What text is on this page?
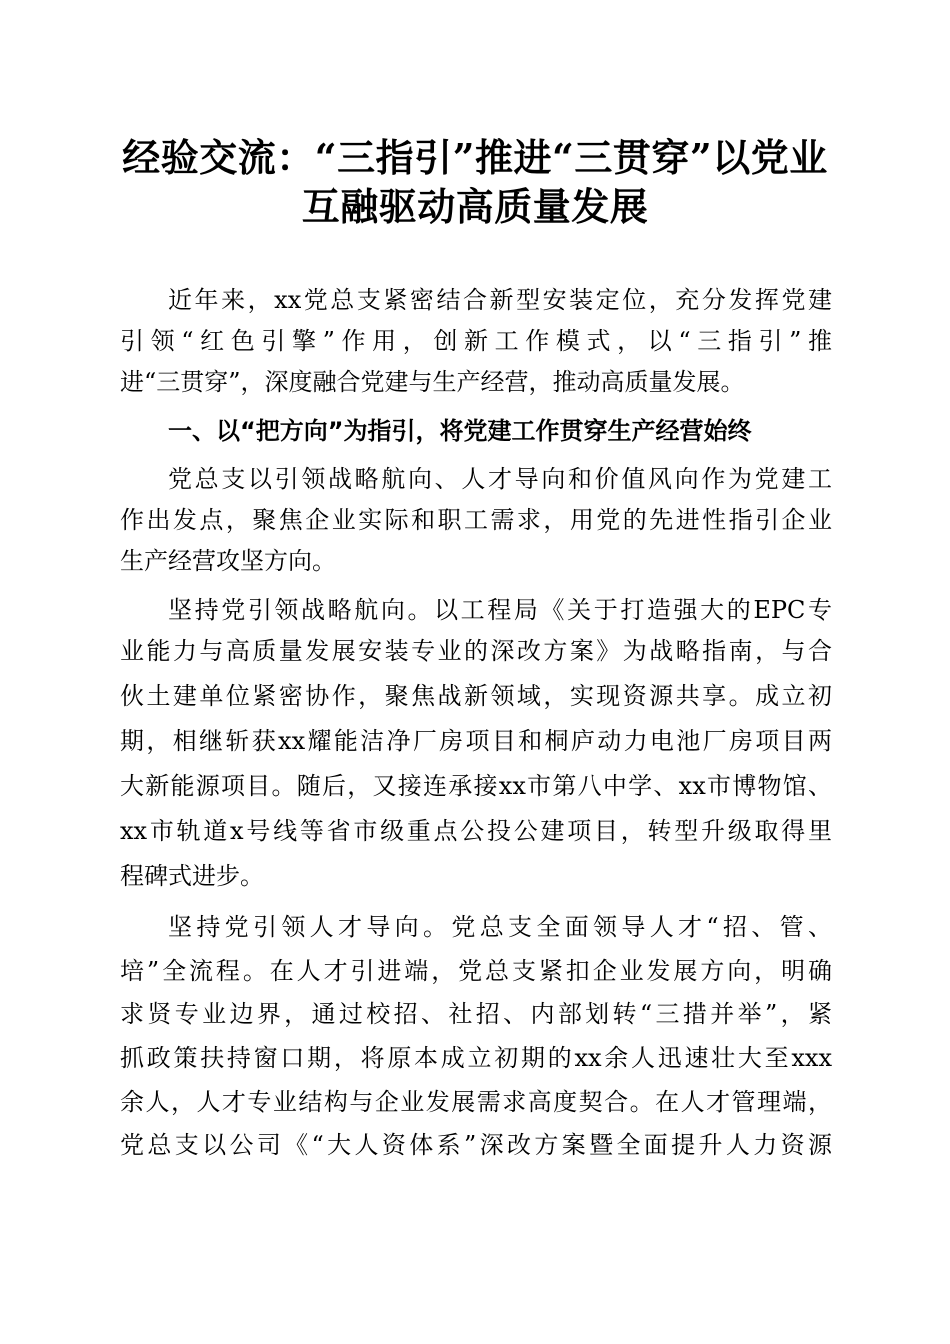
经验交流：“三指引”推进“三贯穿”以党业
互融驱动高质量发展

近年来，xx党总支紧密结合新型安装定位，充分发挥党建

引领“红色引擎”作用，创新工作模式，以“三指引”推

进“三贯穿”，深度融合党建与生产经营，推动高质量发展。

一、以“把方向”为指引，将党建工作贯穿生产经营始终

党总支以引领战略航向、人才导向和价值风向作为党建工

作出发点，聚焦企业实际和职工需求，用党的先进性指引企业

生产经营攻坚方向。

坚持党引领战略航向。以工程局《关于打造强大的EPC专

业能力与高质量发展安装专业的深改方案》为战略指南，与合

伙土建单位紧密协作，聚焦战新领域，实现资源共享。成立初

期，相继斩获xx耀能洁净厂房项目和桐庐动力电池厂房项目两

大新能源项目。随后，又接连承接xx市第八中学、xx市博物馆、

xx市轨道x号线等省市级重点公投公建项目，转型升级取得里

程碑式进步。

坚持党引领人才导向。党总支全面领导人才“招、管、

培”全流程。在人才引进端，党总支紧扣企业发展方向，明确

求贤专业边界，通过校招、社招、内部划转“三措并举”，紧

抓政策扶持窗口期，将原本成立初期的xx余人迅速壮大至xxx

余人，人才专业结构与企业发展需求高度契合。在人才管理端，

党总支以公司《“大人资体系”深改方案暨全面提升人力资源
